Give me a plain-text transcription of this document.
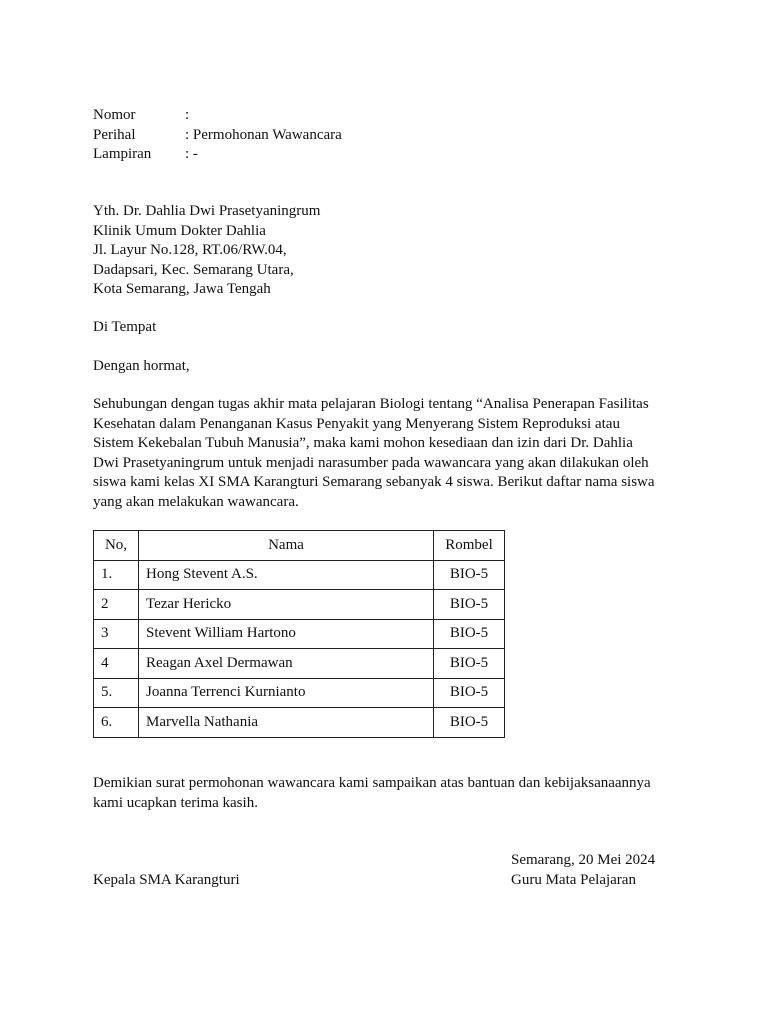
Nomor	:
Perihal	: Permohonan Wawancara
Lampiran	: -
Yth. Dr. Dahlia Dwi Prasetyaningrum
Klinik Umum Dokter Dahlia
Jl. Layur No.128, RT.06/RW.04,
Dadapsari, Kec. Semarang Utara,
Kota Semarang, Jawa Tengah
Di Tempat
Dengan hormat,
Sehubungan dengan tugas akhir mata pelajaran Biologi tentang “Analisa Penerapan Fasilitas
Kesehatan dalam Penanganan Kasus Penyakit yang Menyerang Sistem Reproduksi atau
Sistem Kekebalan Tubuh Manusia”, maka kami mohon kesediaan dan izin dari Dr. Dahlia
Dwi Prasetyaningrum untuk menjadi narasumber pada wawancara yang akan dilakukan oleh
siswa kami kelas XI SMA Karangturi Semarang sebanyak 4 siswa. Berikut daftar nama siswa
yang akan melakukan wawancara.
No,	Nama	Rombel
1.	Hong Stevent A.S.	BIO-5
2	Tezar Hericko	BIO-5
3	Stevent William Hartono	BIO-5
4	Reagan Axel Dermawan	BIO-5
5.	Joanna Terrenci Kurnianto	BIO-5
6.	Marvella Nathania	BIO-5
Demikian surat permohonan wawancara kami sampaikan atas bantuan dan kebijaksanaannya
kami ucapkan terima kasih.
Semarang, 20 Mei 2024
Kepala SMA Karangturi	Guru Mata Pelajaran
